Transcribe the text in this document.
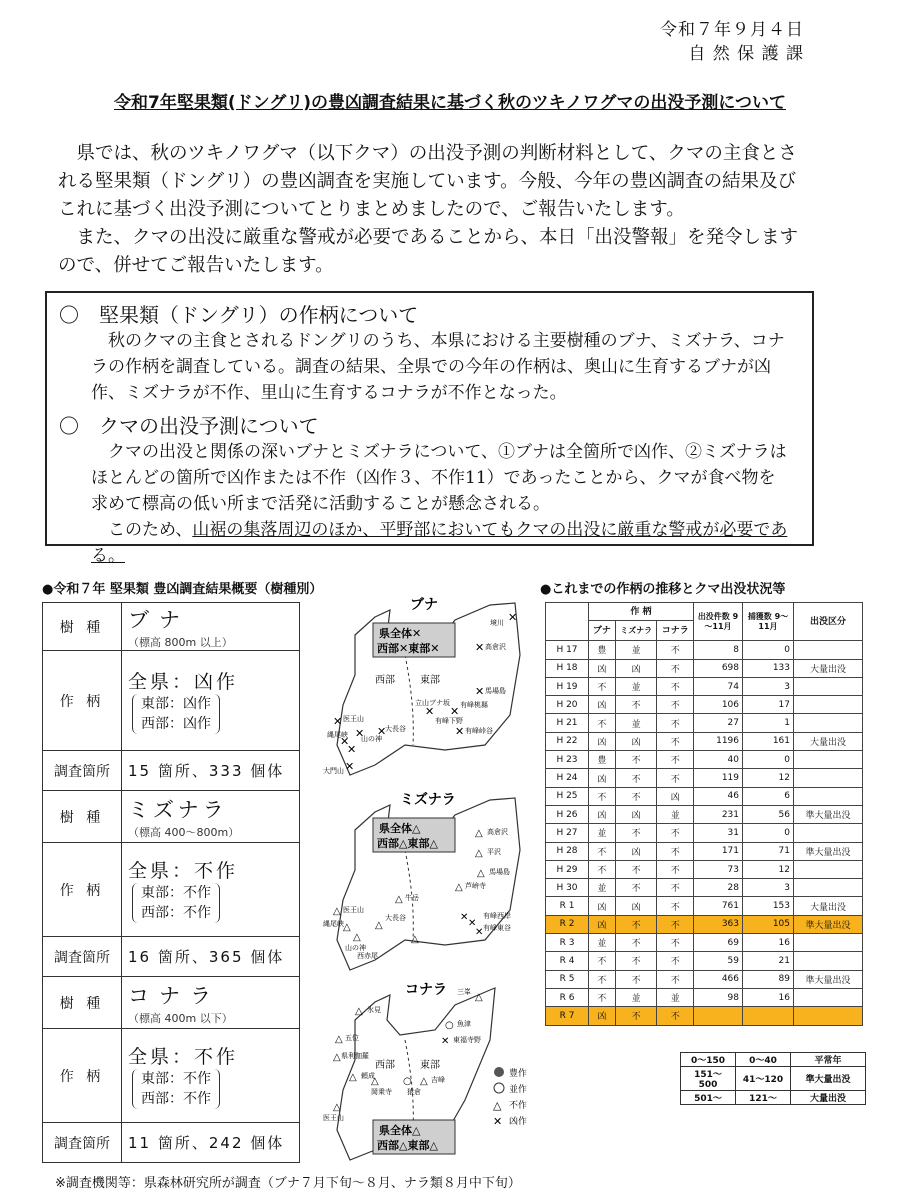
令和７年９月４日
自 然 保 護 課
令和7年堅果類(ドングリ)の豊凶調査結果に基づく秋のツキノワグマの出没予測について

県では、秋のツキノワグマ（以下クマ）の出没予測の判断材料として、クマの主食とされる堅果類（ドングリ）の豊凶調査を実施しています。今般、今年の豊凶調査の結果及びこれに基づく出没予測についてとりまとめましたので、ご報告いたします。

また、クマの出没に厳重な警戒が必要であることから、本日「出没警報」を発令しますので、併せてご報告いたします。

〇　堅果類（ドングリ）の作柄について

秋のクマの主食とされるドングリのうち、本県における主要樹種のブナ、ミズナラ、コナラの作柄を調査している。調査の結果、全県での今年の作柄は、奥山に生育するブナが凶作、ミズナラが不作、里山に生育するコナラが不作となった。

〇　クマの出没予測について

クマの出没と関係の深いブナとミズナラについて、①ブナは全箇所で凶作、②ミズナラはほとんどの箇所で凶作または不作（凶作３、不作11）であったことから、クマが食べ物を求めて標高の低い所まで活発に活動することが懸念される。

このため、山裾の集落周辺のほか、平野部においてもクマの出没に厳重な警戒が必要である。

●令和７年 堅果類 豊凶調査結果概要（樹種別）
樹 種	ブナ
（標高 800m 以上）

作 柄	全県：凶作
東部：凶作
西部：凶作

調査箇所	15 箇所、333 個体
樹 種	ミズナラ
（標高 400～800m）

作 柄	全県：不作
東部：不作
西部：不作

調査箇所	16 箇所、365 個体
樹 種	コナラ
（標高 400m 以下）

作 柄	全県：不作
東部：不作
西部：不作

調査箇所	11 箇所、242 個体
ブナ
県全体✕
西部✕東部✕
西部	東部
✕
✕
✕
✕
✕
✕
✕
✕
✕ ✕
✕
✕
境川
高倉沢
馬場島
有峰桃縣
有峰下野
有峰峠谷
医王山
縄尾峡 山の神
大長谷
大門山
立山ブナ坂
ミズナラ
県全体△
西部△東部△
△
△
△
△
△
△
△
△
△
✕
✕
✕
△
高倉沢
平沢
馬場島
芦峅寺
牛岳
医王山
縄尾峡
山の神
大長谷	有峰西岸
有峰東谷
西赤尾
コナラ
西部	東部
県全体△
西部△東部△
△
△
○
✕
△
△
△	△
△
○
△
三峯
氷見
魚津
五位	東福寺野
県利伽羅
頼成	吉峰
医王山
猿倉
岡乗寺
豊作
並作
△ 不作
✕ 凶作
●これまでの作柄の推移とクマ出没状況等
	作 柄			出没件数 9～11月	捕獲数 9～11月	出没区分
	ブナ	ミズナラ	コナラ			
H 17	豊	並	不	8	0	
H 18	凶	凶	不	698	133	大量出没
H 19	不	並	不	74	3	
H 20	凶	不	不	106	17	
H 21	不	並	不	27	1	
H 22	凶	凶	不	1196	161	大量出没
H 23	豊	不	不	40	0	
H 24	凶	不	不	119	12	
H 25	不	不	凶	46	6	
H 26	凶	凶	並	231	56	準大量出没
H 27	並	不	不	31	0	
H 28	不	凶	不	171	71	準大量出没
H 29	不	不	不	73	12	
H 30	並	不	不	28	3	
R 1	凶	凶	不	761	153	大量出没
R 2	凶	不	不	363	105	準大量出没
R 3	並	不	不	69	16	
R 4	不	不	不	59	21	
R 5	不	不	不	466	89	準大量出没
R 6	不	並	並	98	16	
R 7	凶	不	不			
0～150	0～40	平常年
151～500	41～120	準大量出没
501～	121～	大量出没
※調査機関等：県森林研究所が調査（ブナ７月下旬～８月、ナラ類８月中下旬）
